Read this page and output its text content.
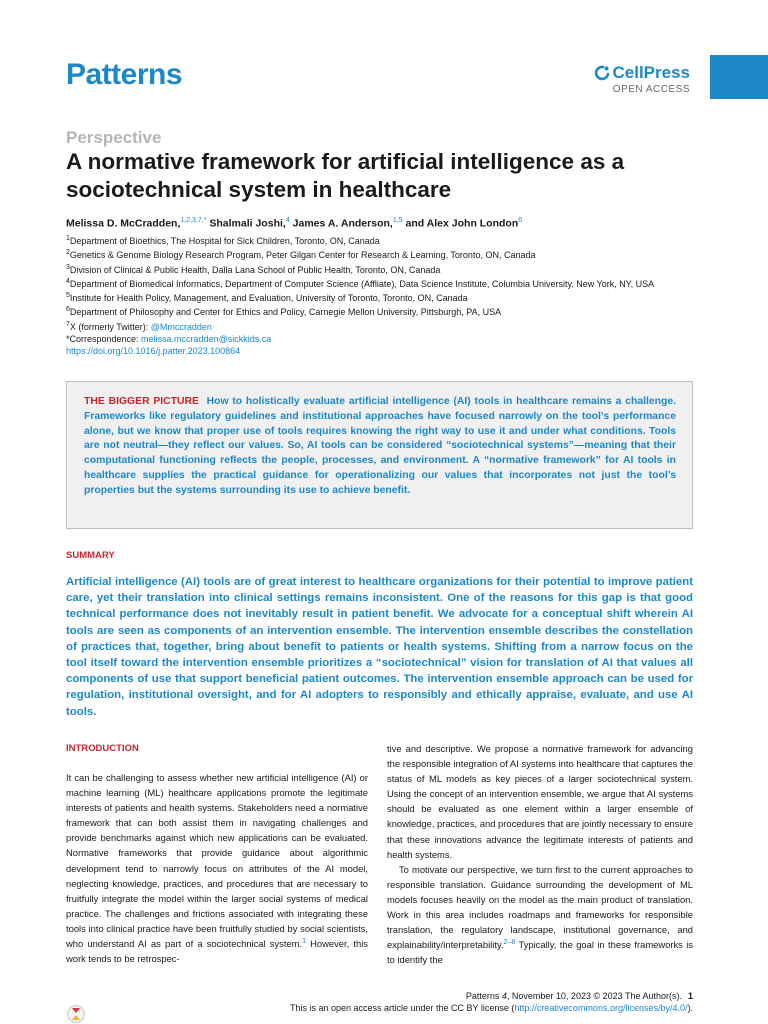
Patterns	CellPress
OPEN ACCESS
Perspective
A normative framework for artificial intelligence as a sociotechnical system in healthcare
Melissa D. McCradden,$^{1,2,3,7,*}$ Shalmali Joshi,$^4$ James A. Anderson,$^{1,5}$ and Alex John London$^6$
$^1$Department of Bioethics, The Hospital for Sick Children, Toronto, ON, Canada
$^2$Genetics & Genome Biology Research Program, Peter Gilgan Center for Research & Learning, Toronto, ON, Canada
$^3$Division of Clinical & Public Health, Dalla Lana School of Public Health, Toronto, ON, Canada
$^4$Department of Biomedical Informatics, Department of Computer Science (Affliate), Data Science Institute, Columbia University, New York, NY, USA
$^5$Institute for Health Policy, Management, and Evaluation, University of Toronto, Toronto, ON, Canada
$^6$Department of Philosophy and Center for Ethics and Policy, Carnegie Mellon University, Pittsburgh, PA, USA
$^7$X (formerly Twitter): @Mmccradden
*Correspondence: melissa.mccradden@sickkids.ca
https://doi.org/10.1016/j.patter.2023.100864

THE BIGGER PICTURE How to holistically evaluate artificial intelligence (AI) tools in healthcare remains a challenge. Frameworks like regulatory guidelines and institutional approaches have focused narrowly on the tool’s performance alone, but we know that proper use of tools requires knowing the right way to use it and under what conditions. Tools are not neutral—they reflect our values. So, AI tools can be considered “sociotechnical systems”—meaning that their computational functioning reflects the people, processes, and environment. A “normative framework” for AI tools in healthcare supplies the practical guidance for operationalizing our values that incorporates not just the tool’s properties but the systems surrounding its use to achieve benefit.

SUMMARY

Artificial intelligence (AI) tools are of great interest to healthcare organizations for their potential to improve patient care, yet their translation into clinical settings remains inconsistent. One of the reasons for this gap is that good technical performance does not inevitably result in patient benefit. We advocate for a conceptual shift wherein AI tools are seen as components of an intervention ensemble. The intervention ensemble describes the constellation of practices that, together, bring about benefit to patients or health systems. Shifting from a narrow focus on the tool itself toward the intervention ensemble prioritizes a “sociotechnical” vision for translation of AI that values all components of use that support beneficial patient outcomes. The intervention ensemble approach can be used for regulation, institutional oversight, and for AI adopters to responsibly and ethically appraise, evaluate, and use AI tools.

INTRODUCTION

It can be challenging to assess whether new artificial intelligence (AI) or machine learning (ML) healthcare applications promote the legitimate interests of patients and health systems. Stakeholders need a normative framework that can both assist them in navigating challenges and provide benchmarks against which new applications can be evaluated. Normative frameworks that provide guidance about algorithmic development tend to narrowly focus on attributes of the AI model, neglecting knowledge, practices, and procedures that are necessary to fruitfully integrate the model within the larger social systems of medical practice. The challenges and frictions associated with integrating these tools into clinical practice have been fruitfully studied by social scientists, who understand AI as part of a sociotechnical system.$^1$ However, this work tends to be retrospec-

tive and descriptive. We propose a normative framework for advancing the responsible integration of AI systems into healthcare that captures the status of ML models as key pieces of a larger sociotechnical system. Using the concept of an intervention ensemble, we argue that AI systems should be evaluated as one element within a larger ensemble of knowledge, practices, and procedures that are jointly necessary to ensure that these innovations advance the legitimate interests of patients and health systems.

To motivate our perspective, we turn first to the current approaches to responsible translation. Guidance surrounding the development of ML models focuses heavily on the model as the main product of translation. Work in this area includes roadmaps and frameworks for responsible translation, the regulatory landscape, institutional governance, and explainability/interpretability.$^{2-8}$ Typically, the goal in these frameworks is to identify the

Patterns 4, November 10, 2023 © 2023 The Author(s). 1
This is an open access article under the CC BY license (http://creativecommons.org/licenses/by/4.0/).
